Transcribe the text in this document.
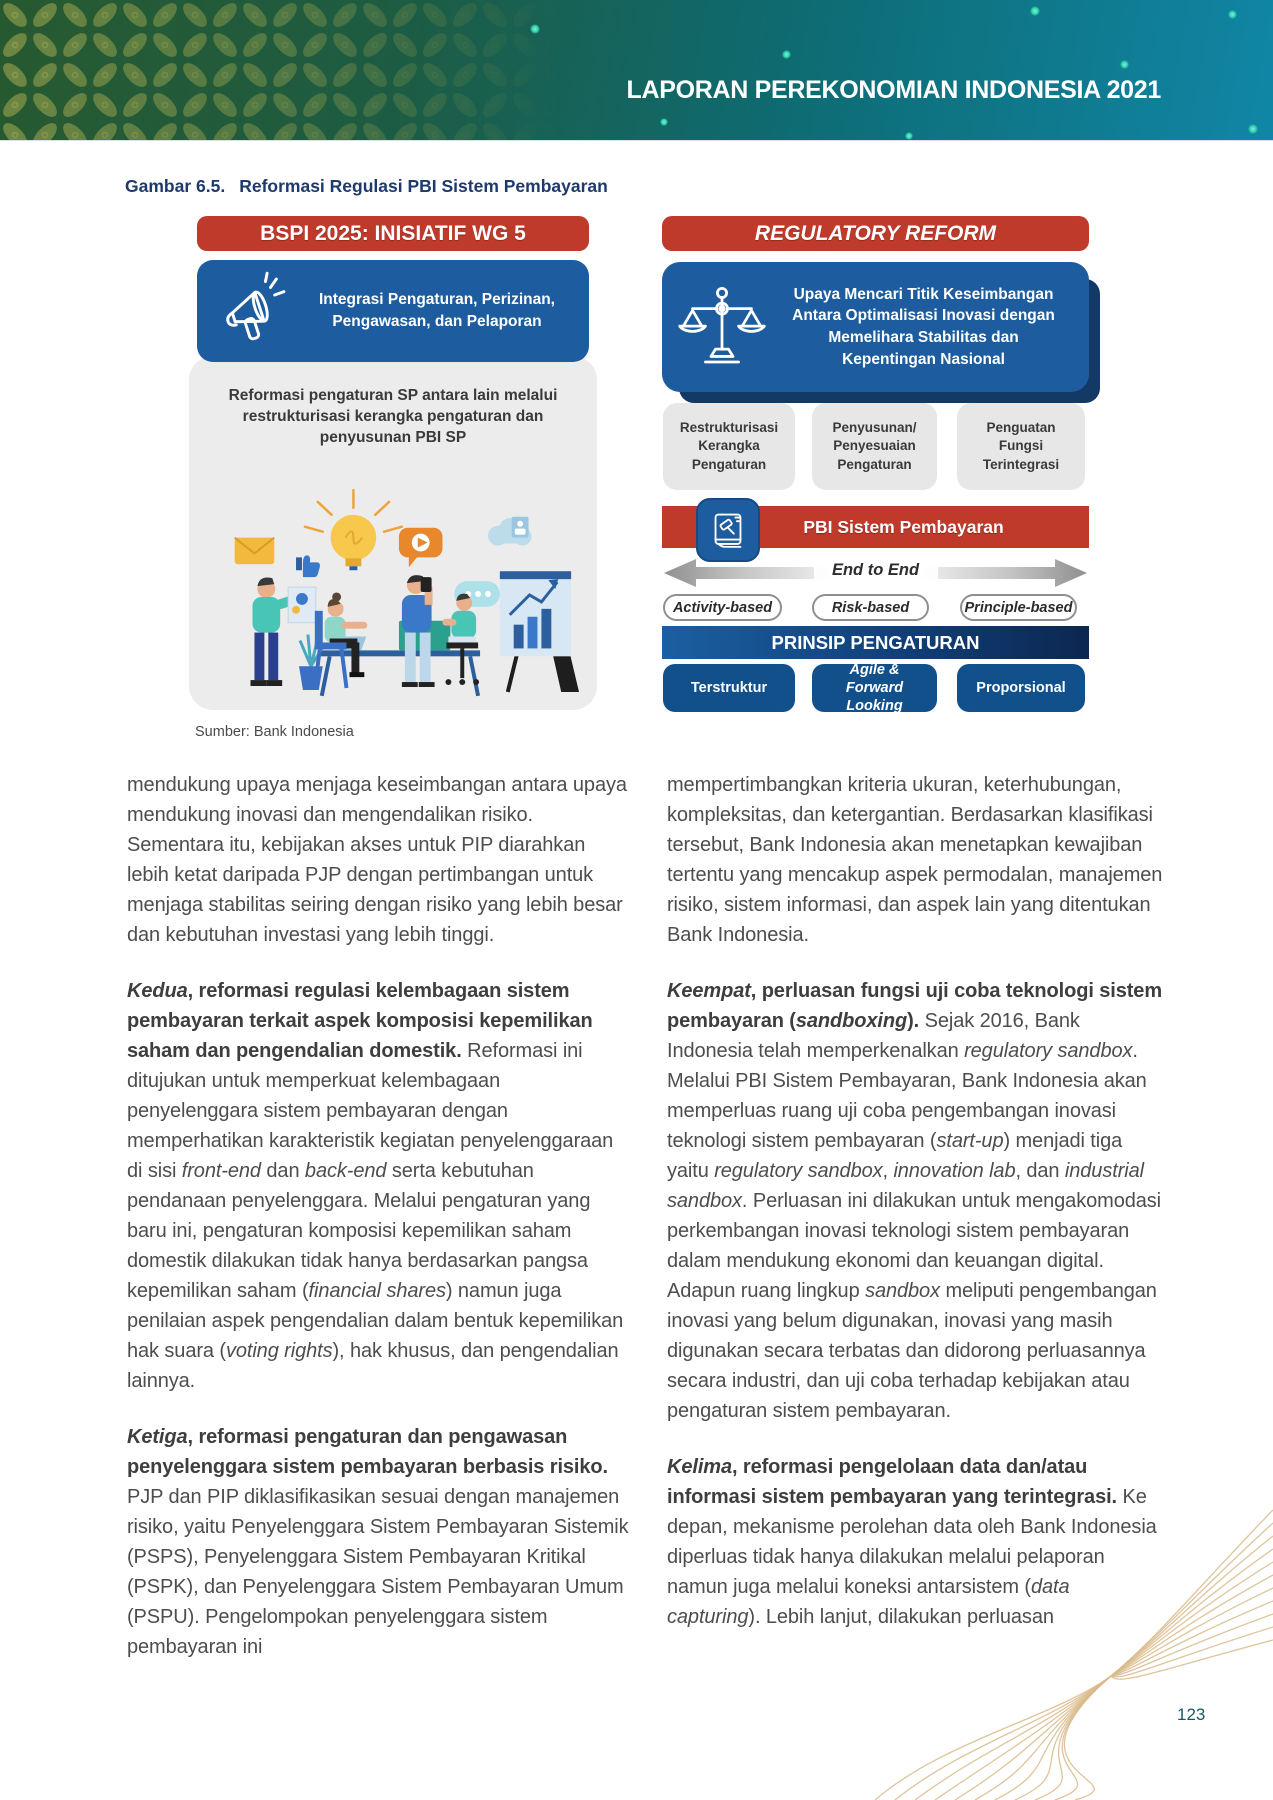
LAPORAN PEREKONOMIAN INDONESIA 2021
Gambar 6.5. Reformasi Regulasi PBI Sistem Pembayaran
BSPI 2025: INISIATIF WG 5
Reformasi pengaturan SP antara lain melalui restrukturisasi kerangka pengaturan dan penyusunan PBI SP
Integrasi Pengaturan, Perizinan, Pengawasan, dan Pelaporan
REGULATORY REFORM
Upaya Mencari Titik Keseimbangan Antara Optimalisasi Inovasi dengan Memelihara Stabilitas dan Kepentingan Nasional
Restrukturisasi Kerangka Pengaturan
Penyusunan/ Penyesuaian Pengaturan
Penguatan Fungsi Terintegrasi
PBI Sistem Pembayaran
End to End
Activity-based	Risk-based	Principle-based
PRINSIP PENGATURAN
Terstruktur
Agile & Forward Looking
Proporsional
Sumber: Bank Indonesia

mendukung upaya menjaga keseimbangan antara upaya mendukung inovasi dan mengendalikan risiko. Sementara itu, kebijakan akses untuk PIP diarahkan lebih ketat daripada PJP dengan pertimbangan untuk menjaga stabilitas seiring dengan risiko yang lebih besar dan kebutuhan investasi yang lebih tinggi.

Kedua, reformasi regulasi kelembagaan sistem pembayaran terkait aspek komposisi kepemilikan saham dan pengendalian domestik. Reformasi ini ditujukan untuk memperkuat kelembagaan penyelenggara sistem pembayaran dengan memperhatikan karakteristik kegiatan penyelenggaraan di sisi front-end dan back-end serta kebutuhan pendanaan penyelenggara. Melalui pengaturan yang baru ini, pengaturan komposisi kepemilikan saham domestik dilakukan tidak hanya berdasarkan pangsa kepemilikan saham (financial shares) namun juga penilaian aspek pengendalian dalam bentuk kepemilikan hak suara (voting rights), hak khusus, dan pengendalian lainnya.

Ketiga, reformasi pengaturan dan pengawasan penyelenggara sistem pembayaran berbasis risiko. PJP dan PIP diklasifikasikan sesuai dengan manajemen risiko, yaitu Penyelenggara Sistem Pembayaran Sistemik (PSPS), Penyelenggara Sistem Pembayaran Kritikal (PSPK), dan Penyelenggara Sistem Pembayaran Umum (PSPU). Pengelompokan penyelenggara sistem pembayaran ini

mempertimbangkan kriteria ukuran, keterhubungan, kompleksitas, dan ketergantian. Berdasarkan klasifikasi tersebut, Bank Indonesia akan menetapkan kewajiban tertentu yang mencakup aspek permodalan, manajemen risiko, sistem informasi, dan aspek lain yang ditentukan Bank Indonesia.

Keempat, perluasan fungsi uji coba teknologi sistem pembayaran (sandboxing). Sejak 2016, Bank Indonesia telah memperkenalkan regulatory sandbox. Melalui PBI Sistem Pembayaran, Bank Indonesia akan memperluas ruang uji coba pengembangan inovasi teknologi sistem pembayaran (start-up) menjadi tiga yaitu regulatory sandbox, innovation lab, dan industrial sandbox. Perluasan ini dilakukan untuk mengakomodasi perkembangan inovasi teknologi sistem pembayaran dalam mendukung ekonomi dan keuangan digital. Adapun ruang lingkup sandbox meliputi pengembangan inovasi yang belum digunakan, inovasi yang masih digunakan secara terbatas dan didorong perluasannya secara industri, dan uji coba terhadap kebijakan atau pengaturan sistem pembayaran.

Kelima, reformasi pengelolaan data dan/atau informasi sistem pembayaran yang terintegrasi. Ke depan, mekanisme perolehan data oleh Bank Indonesia diperluas tidak hanya dilakukan melalui pelaporan namun juga melalui koneksi antarsistem (data capturing). Lebih lanjut, dilakukan perluasan

123
